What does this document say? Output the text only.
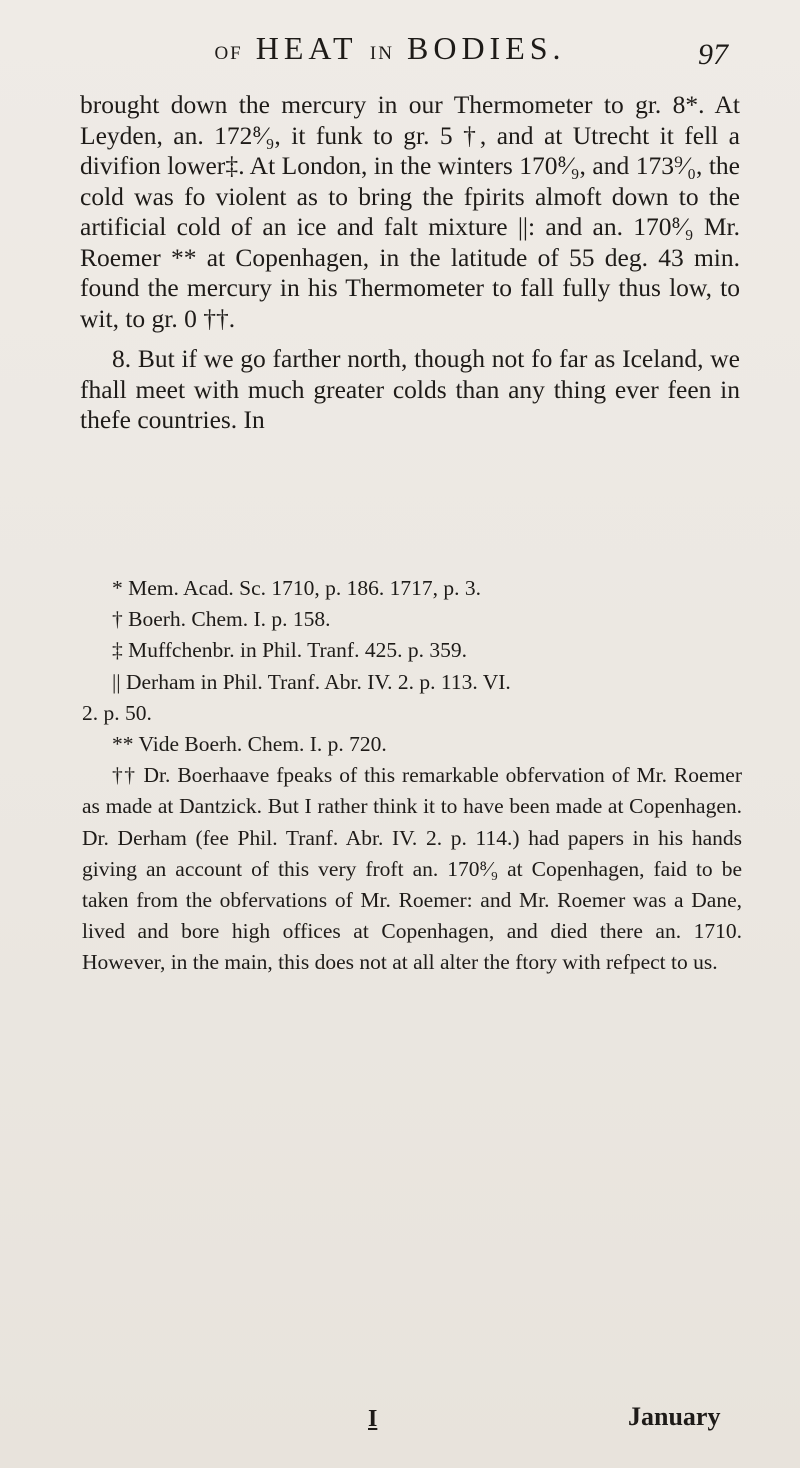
OF HEAT IN BODIES.	97

brought down the mercury in our Thermometer to gr. 8*. At Leyden, an. 172⁸⁄₉, it funk to gr. 5 †, and at Utrecht it fell a divifion lower‡. At London, in the winters 170⁸⁄₉, and 173⁹⁄₀, the cold was fo violent as to bring the fpirits almoft down to the artificial cold of an ice and falt mixture ||: and an. 170⁸⁄₉ Mr. Roemer ** at Copenhagen, in the latitude of 55 deg. 43 min. found the mercury in his Thermometer to fall fully thus low, to wit, to gr. 0 ††.

8. But if we go farther north, though not fo far as Iceland, we fhall meet with much greater colds than any thing ever feen in thefe countries. In

* Mem. Acad. Sc. 1710, p. 186. 1717, p. 3.

† Boerh. Chem. I. p. 158.

‡ Muffchenbr. in Phil. Tranf. 425. p. 359.

|| Derham in Phil. Tranf. Abr. IV. 2. p. 113. VI.

2. p. 50.

** Vide Boerh. Chem. I. p. 720.

†† Dr. Boerhaave fpeaks of this remarkable obfervation of Mr. Roemer as made at Dantzick. But I rather think it to have been made at Copenhagen. Dr. Derham (fee Phil. Tranf. Abr. IV. 2. p. 114.) had papers in his hands giving an account of this very froft an. 170⁸⁄₉ at Copenhagen, faid to be taken from the obfervations of Mr. Roemer: and Mr. Roemer was a Dane, lived and bore high offices at Copenhagen, and died there an. 1710. However, in the main, this does not at all alter the ftory with refpect to us.

I	January
